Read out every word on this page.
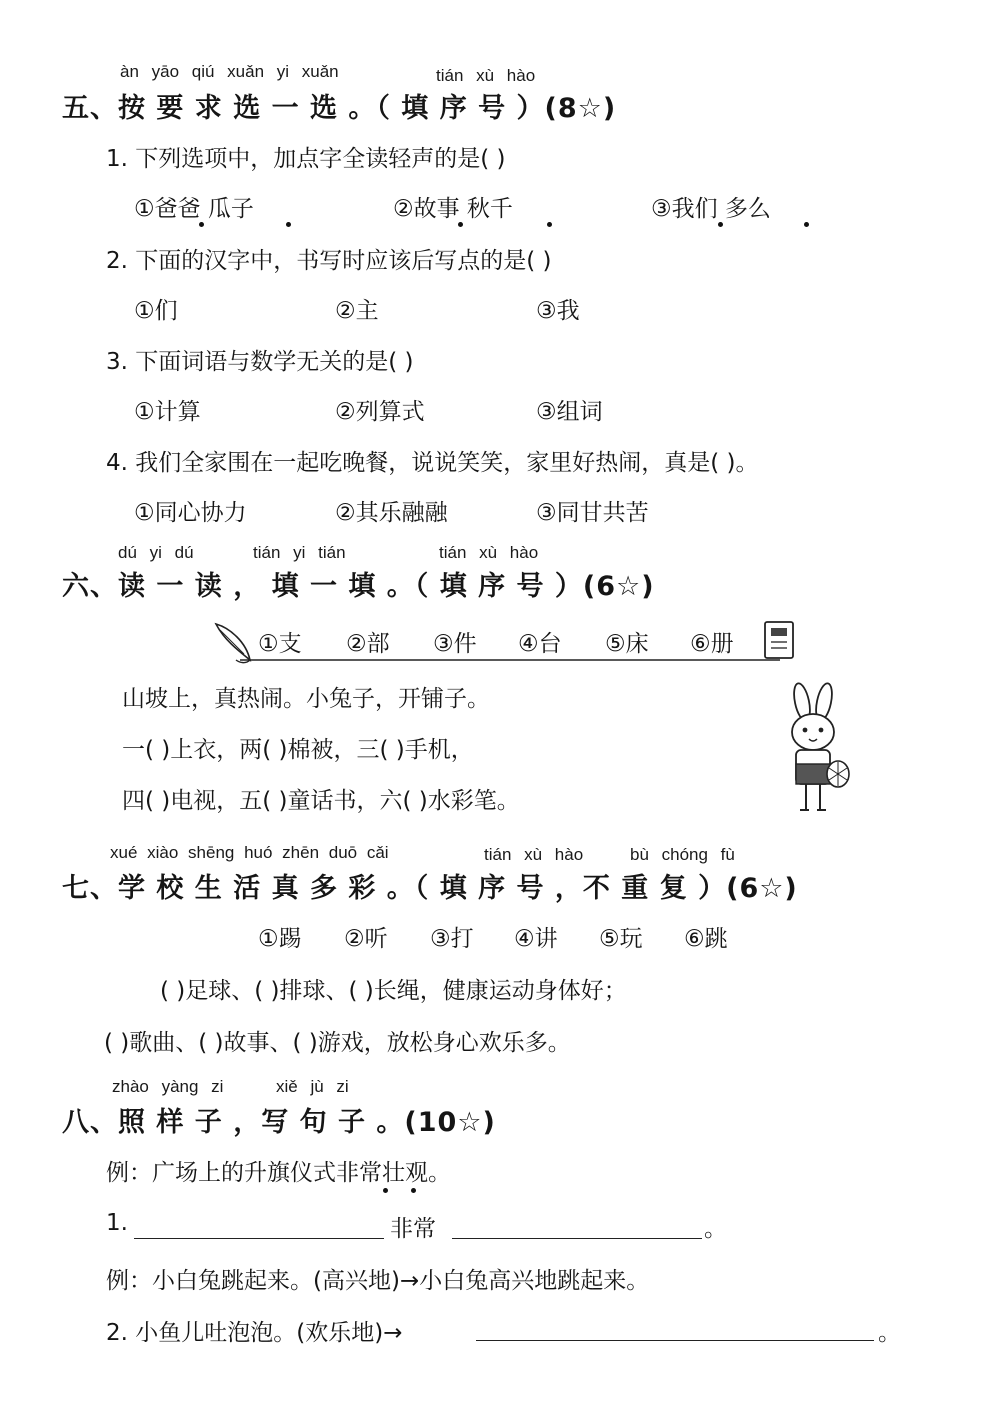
àn yāo qiú xuǎn yi xuǎn	tián xù hào
五、按 要 求 选 一 选 。（ 填 序 号 ）(8☆)
1. 下列选项中，加点字全读轻声的是( )
①爸爸 瓜子	②故事 秋千	③我们 多么
2. 下面的汉字中，书写时应该后写点的是( )
①们	②主	③我
3. 下面词语与数学无关的是( )
①计算	②列算式	③组词
4. 我们全家围在一起吃晚餐，说说笑笑，家里好热闹，真是( )。
①同心协力	②其乐融融	③同甘共苦
dú yi dú	tián yi tián	tián xù hào
六、读 一 读 ， 填 一 填 。（ 填 序 号 ）(6☆)
①支 ②部 ③件 ④台 ⑤床 ⑥册
山坡上，真热闹。小兔子，开铺子。
一( )上衣，两( )棉被，三( )手机，
四( )电视，五( )童话书，六( )水彩笔。
xué xiào shēng huó zhēn duō cǎi	tián xù hào	bù chóng fù
七、学 校 生 活 真 多 彩 。（ 填 序 号 ，不 重 复 ）(6☆)
①踢 ②听 ③打 ④讲 ⑤玩 ⑥跳
( )足球、( )排球、( )长绳，健康运动身体好；
( )歌曲、( )故事、( )游戏，放松身心欢乐多。
zhào yàng zi	xiě jù zi
八、照 样 子 ，写 句 子 。(10☆)
例：广场上的升旗仪式非常壮观。
1.	非常	。
例：小白兔跳起来。(高兴地)→小白兔高兴地跳起来。
2. 小鱼儿吐泡泡。(欢乐地)→	。
